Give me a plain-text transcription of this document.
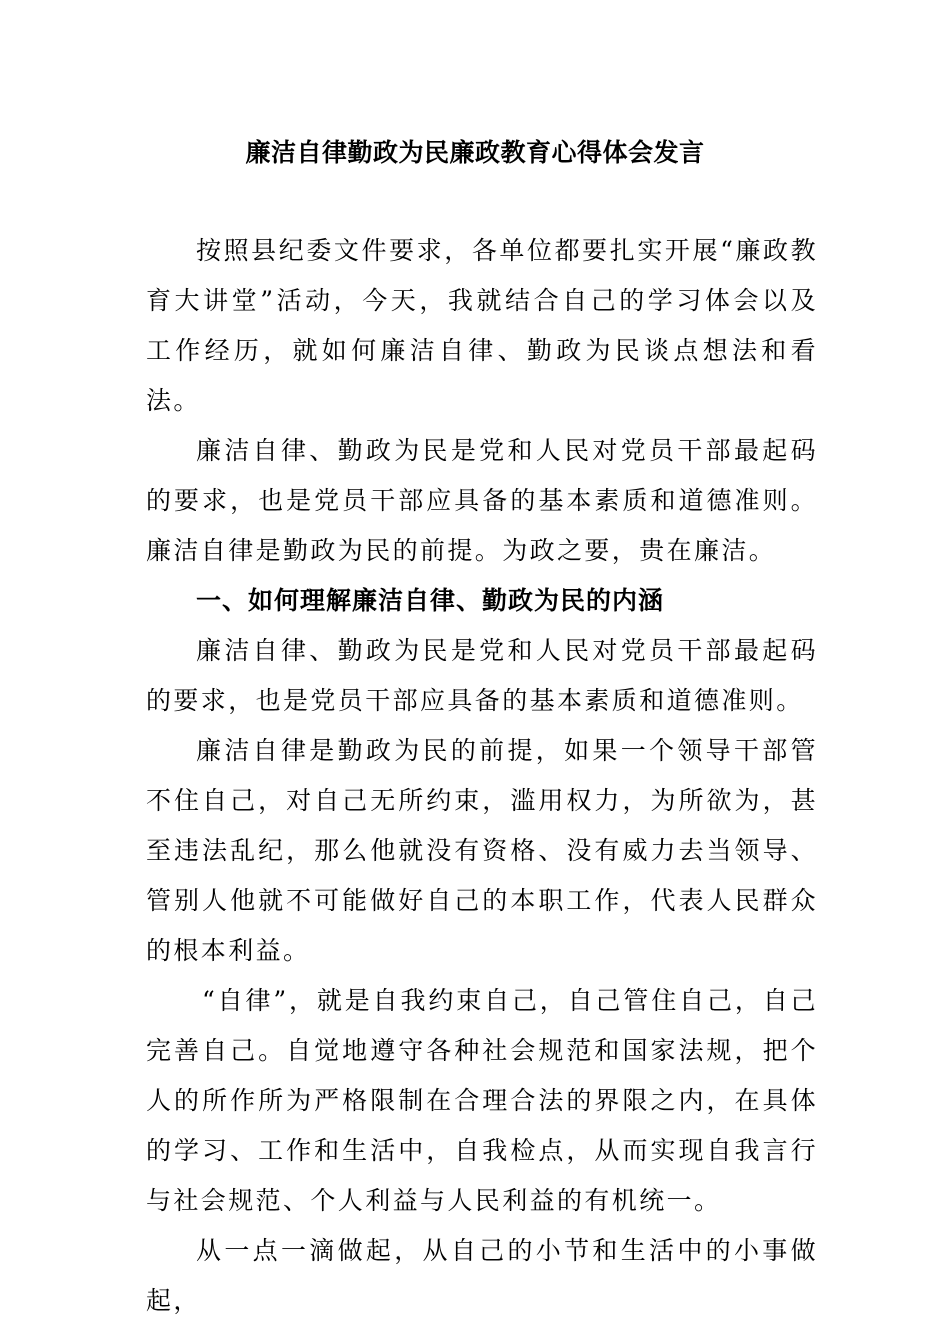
廉洁自律勤政为民廉政教育心得体会发言

按照县纪委文件要求，各单位都要扎实开展“廉政教育大讲堂”活动，今天，我就结合自己的学习体会以及工作经历，就如何廉洁自律、勤政为民谈点想法和看法。

廉洁自律、勤政为民是党和人民对党员干部最起码的要求，也是党员干部应具备的基本素质和道德准则。廉洁自律是勤政为民的前提。为政之要，贵在廉洁。

一、如何理解廉洁自律、勤政为民的内涵

廉洁自律、勤政为民是党和人民对党员干部最起码的要求，也是党员干部应具备的基本素质和道德准则。

廉洁自律是勤政为民的前提，如果一个领导干部管不住自己，对自己无所约束，滥用权力，为所欲为，甚至违法乱纪，那么他就没有资格、没有威力去当领导、管别人他就不可能做好自己的本职工作，代表人民群众的根本利益。

“自律”，就是自我约束自己，自己管住自己，自己完善自己。自觉地遵守各种社会规范和国家法规，把个人的所作所为严格限制在合理合法的界限之内，在具体的学习、工作和生活中，自我检点，从而实现自我言行与社会规范、个人利益与人民利益的有机统一。

从一点一滴做起，从自己的小节和生活中的小事做起，
